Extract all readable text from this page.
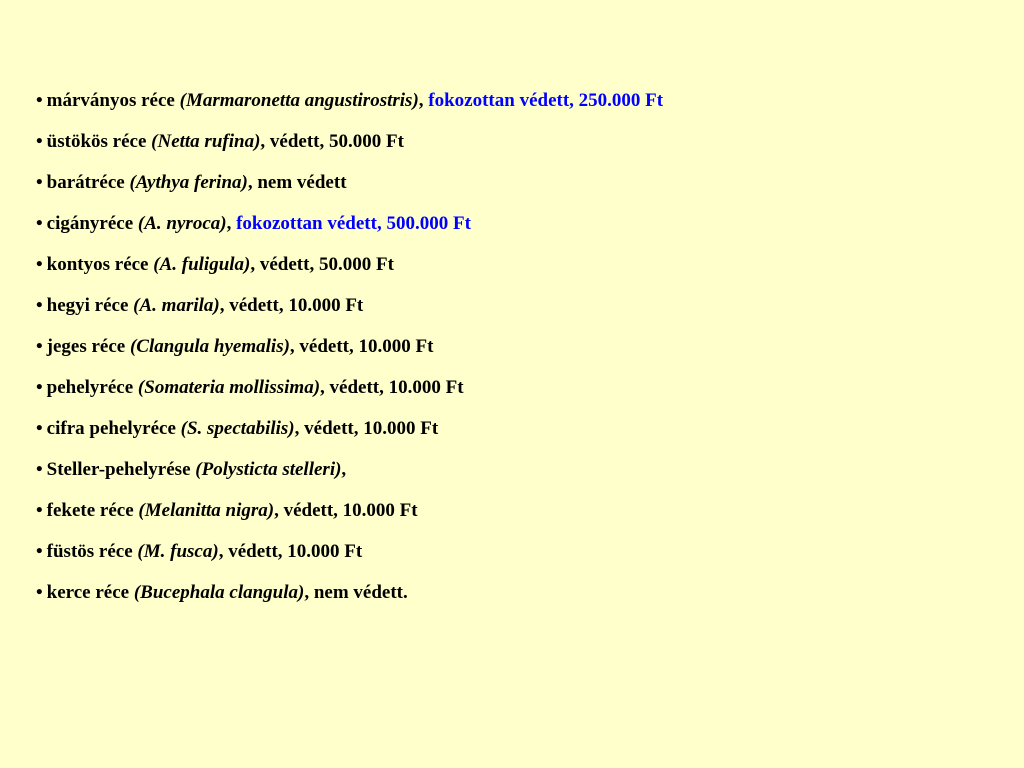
• márványos réce (Marmaronetta angustirostris), fokozottan védett, 250.000 Ft
• üstökös réce (Netta rufina), védett, 50.000 Ft
• barátréce (Aythya ferina), nem védett
• cigányréce (A. nyroca), fokozottan védett, 500.000 Ft
• kontyos réce (A. fuligula), védett, 50.000 Ft
• hegyi réce (A. marila), védett, 10.000 Ft
• jeges réce (Clangula hyemalis), védett, 10.000 Ft
• pehelyréce (Somateria mollissima), védett, 10.000 Ft
• cifra pehelyréce (S. spectabilis), védett, 10.000 Ft
• Steller-pehelyrése (Polysticta stelleri),
• fekete réce (Melanitta nigra), védett, 10.000 Ft
• füstös réce (M. fusca), védett, 10.000 Ft
• kerce réce (Bucephala clangula), nem védett.
